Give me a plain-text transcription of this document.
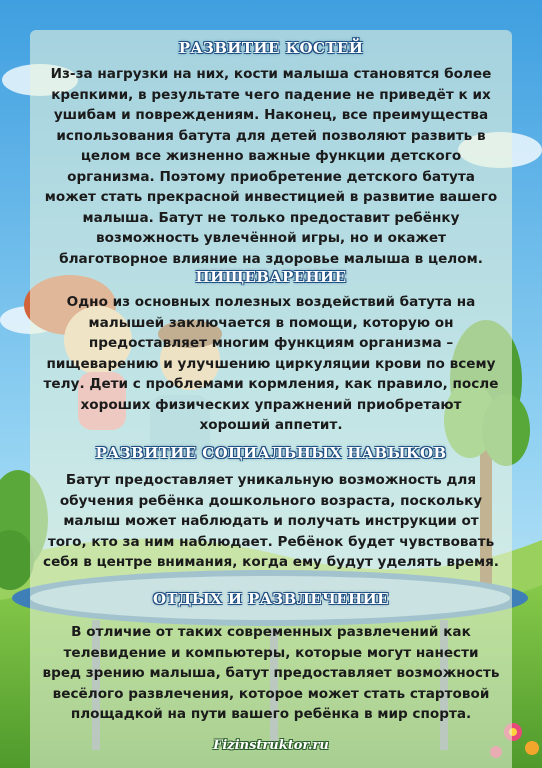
РАЗВИТИЕ КОСТЕЙ

Из-за нагрузки на них, кости малыша становятся более
крепкими, в результате чего падение не приведёт к их
ушибам и повреждениям. Наконец, все преимущества
использования батута для детей позволяют развить в
целом все жизненно важные функции детского
организма. Поэтому приобретение детского батута
может стать прекрасной инвестицией в развитие вашего
малыша. Батут не только предоставит ребёнку
возможность увлечённой игры, но и окажет
благотворное влияние на здоровье малыша в целом.

ПИЩЕВАРЕНИЕ

Одно из основных полезных воздействий батута на
малышей заключается в помощи, которую он
предоставляет многим функциям организма –
пищеварению и улучшению циркуляции крови по всему
телу. Дети с проблемами кормления, как правило, после
хороших физических упражнений приобретают
хороший аппетит.

РАЗВИТИЕ СОЦИАЛЬНЫХ НАВЫКОВ

Батут предоставляет уникальную возможность для
обучения ребёнка дошкольного возраста, поскольку
малыш может наблюдать и получать инструкции от
того, кто за ним наблюдает. Ребёнок будет чувствовать
себя в центре внимания, когда ему будут уделять время.

ОТДЫХ И РАЗВЛЕЧЕНИЕ

В отличие от таких современных развлечений как
телевидение и компьютеры, которые могут нанести
вред зрению малыша, батут предоставляет возможность
весёлого развлечения, которое может стать стартовой
площадкой на пути вашего ребёнка в мир спорта.

Fizinstruktor.ru
